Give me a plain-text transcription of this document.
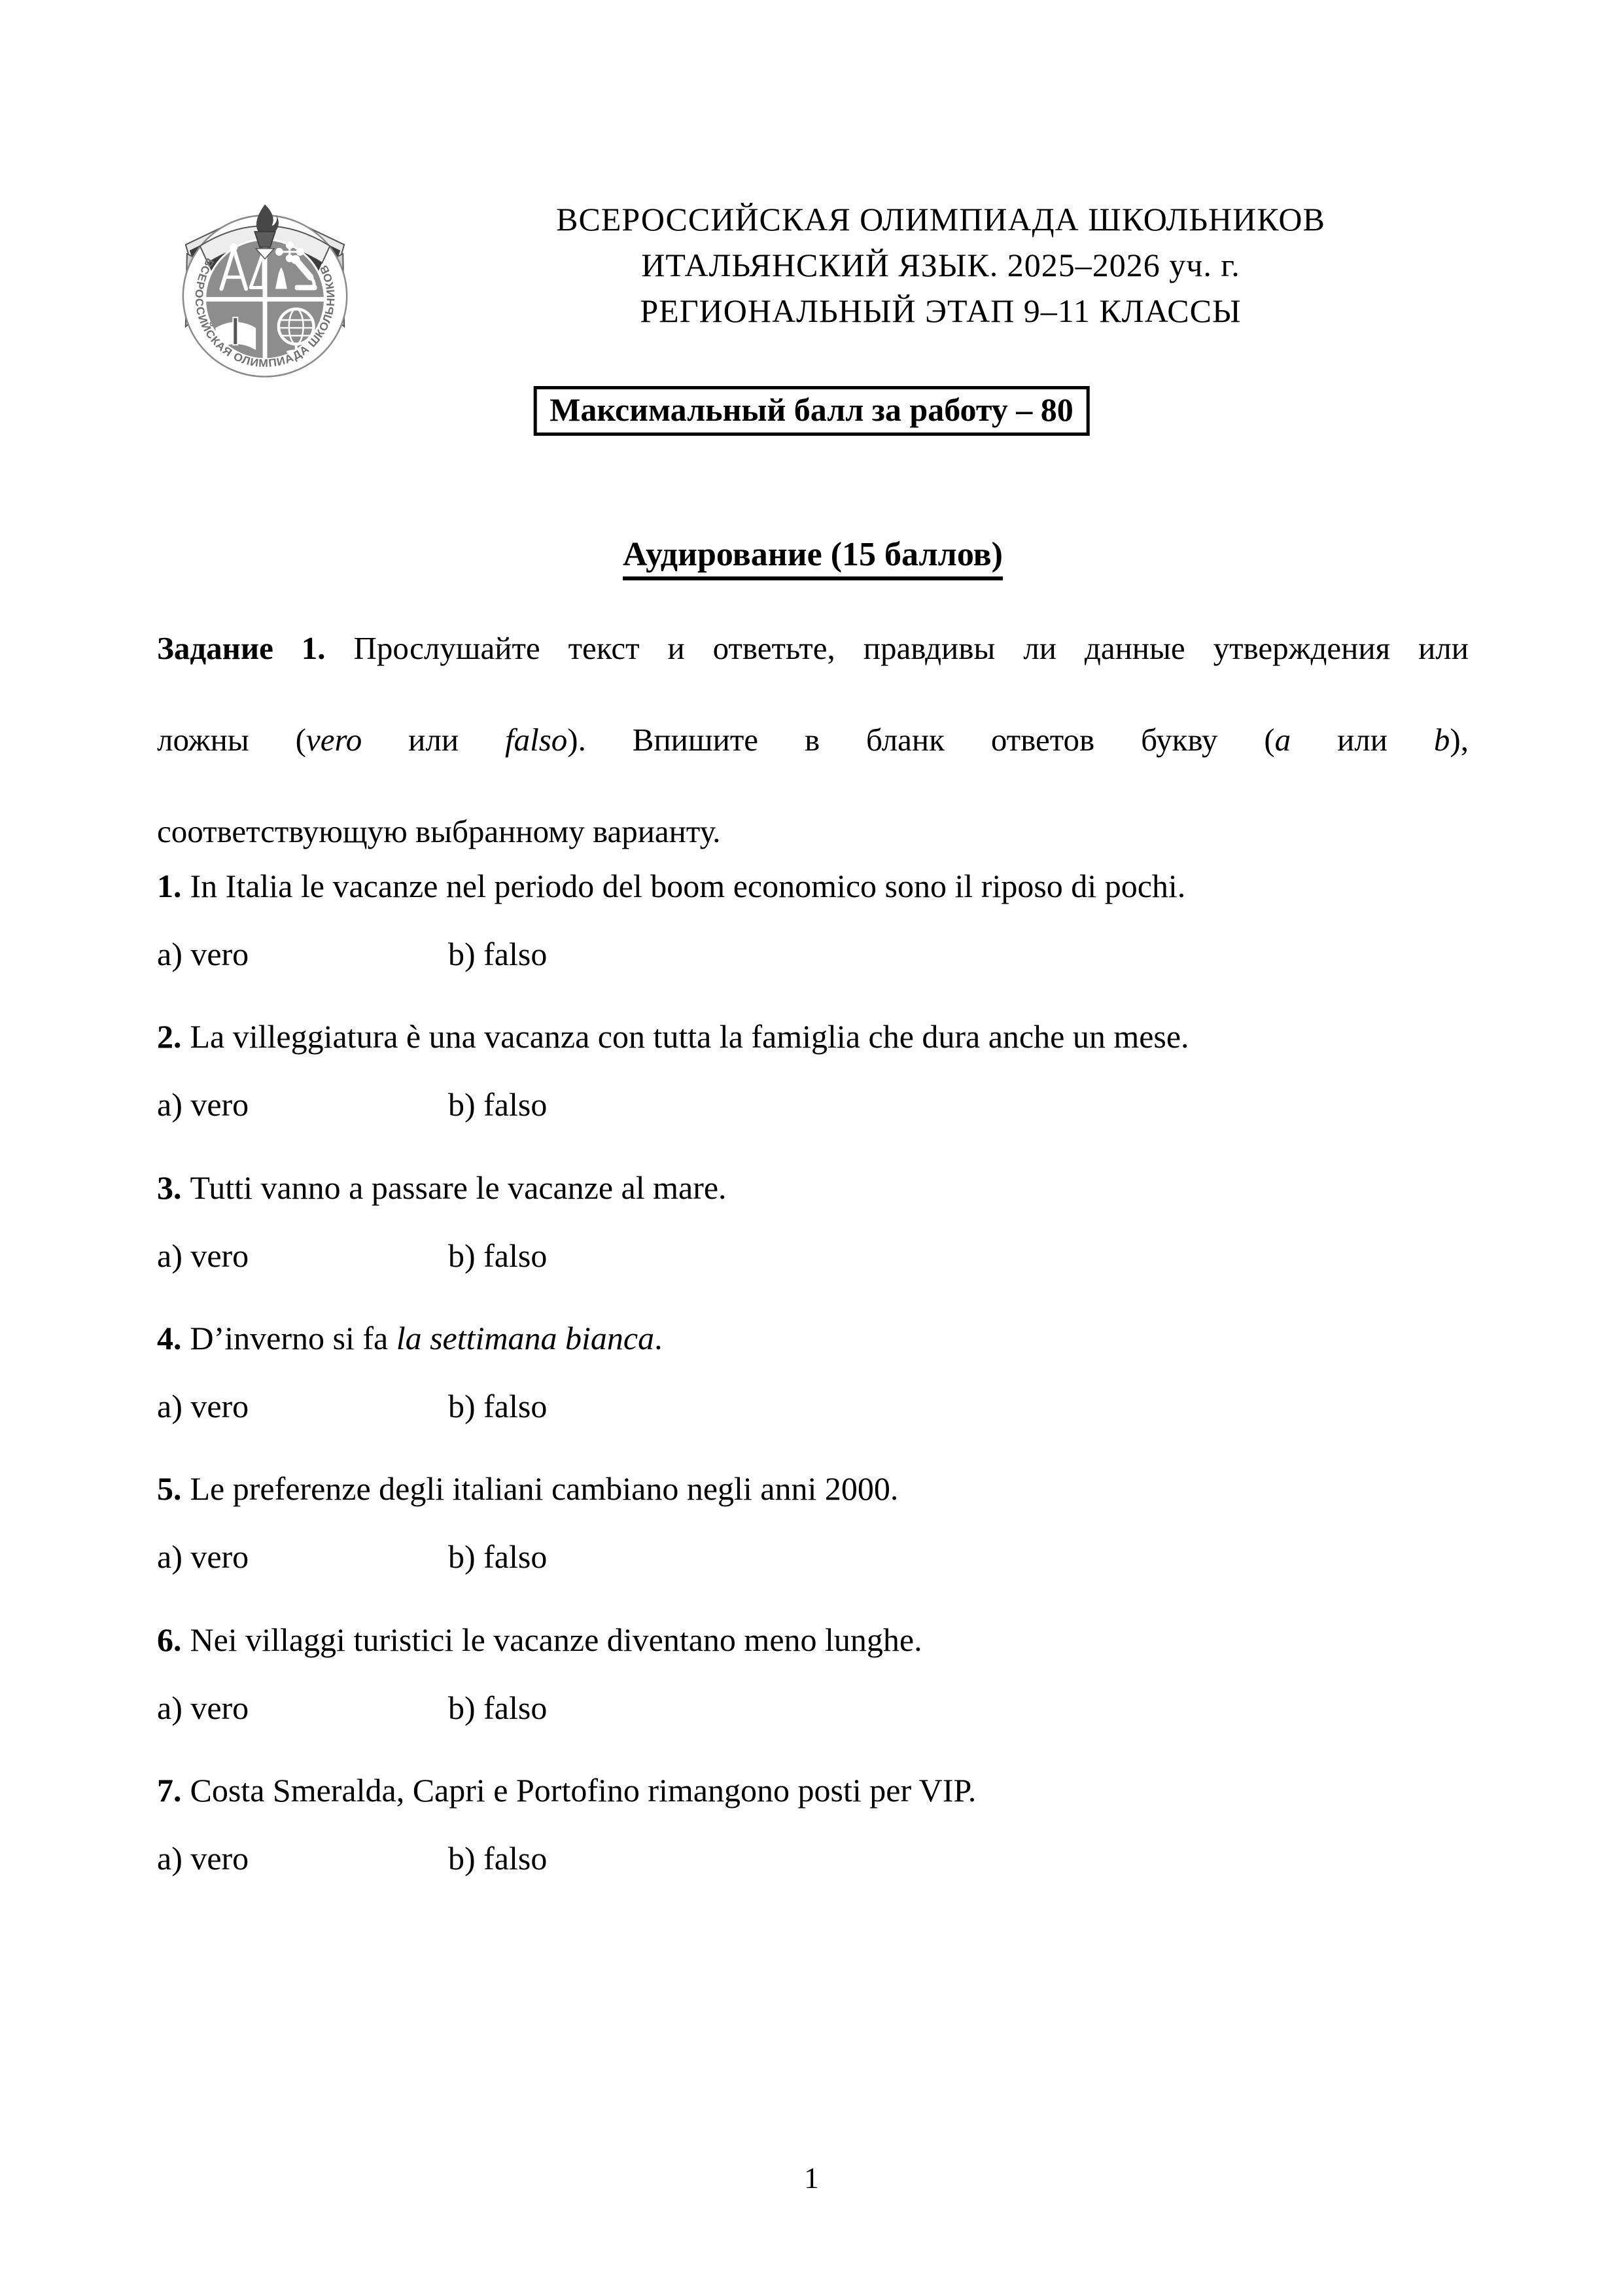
ВСЕРОССИЙСКАЯ ОЛИМПИАДА ШКОЛЬНИКОВ
ВСЕРОССИЙСКАЯ ОЛИМПИАДА ШКОЛЬНИКОВ
ИТАЛЬЯНСКИЙ ЯЗЫК. 2025–2026 уч. г.
РЕГИОНАЛЬНЫЙ ЭТАП 9–11 КЛАССЫ
Максимальный балл за работу – 80
Аудирование (15 баллов)
Задание 1. Прослушайте текст и ответьте, правдивы ли данные утверждения или
ложны (vero или falso). Впишите в бланк ответов букву (a или b),
соответствующую выбранному варианту.
1. In Italia le vacanze nel periodo del boom economico sono il riposo di pochi.
a) vero	b) falso
2. La villeggiatura è una vacanza con tutta la famiglia che dura anche un mese.
a) vero	b) falso
3. Tutti vanno a passare le vacanze al mare.
a) vero	b) falso
4. D’inverno si fa la settimana bianca.
a) vero	b) falso
5. Le preferenze degli italiani cambiano negli anni 2000.
a) vero	b) falso
6. Nei villaggi turistici le vacanze diventano meno lunghe.
a) vero	b) falso
7. Costa Smeralda, Capri e Portofino rimangono posti per VIP.
a) vero	b) falso
1
